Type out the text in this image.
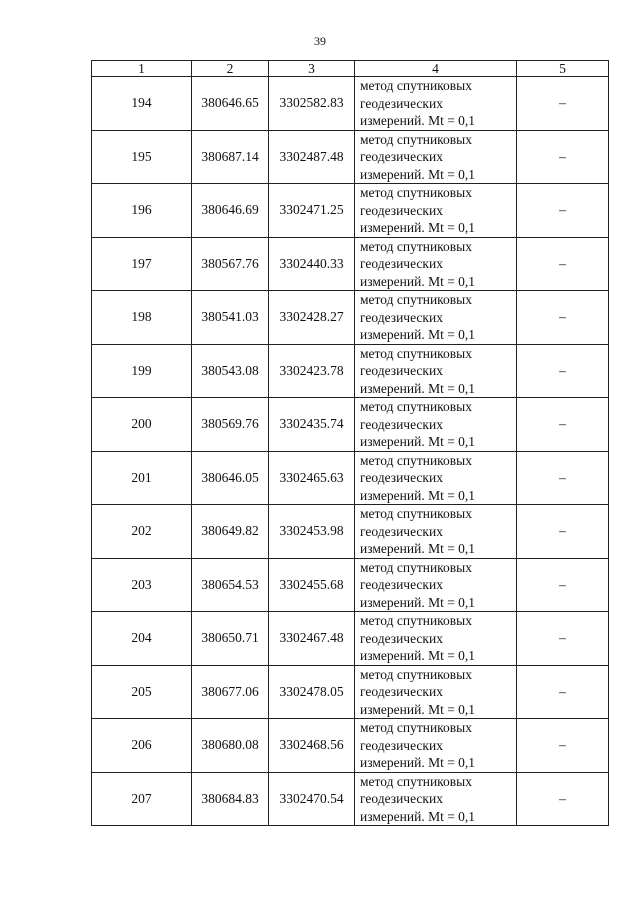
39
1	2	3	4	5
194	380646.65	3302582.83	метод спутниковых
геодезических
измерений. Mt = 0,1	–
195	380687.14	3302487.48	метод спутниковых
геодезических
измерений. Mt = 0,1	–
196	380646.69	3302471.25	метод спутниковых
геодезических
измерений. Mt = 0,1	–
197	380567.76	3302440.33	метод спутниковых
геодезических
измерений. Mt = 0,1	–
198	380541.03	3302428.27	метод спутниковых
геодезических
измерений. Mt = 0,1	–
199	380543.08	3302423.78	метод спутниковых
геодезических
измерений. Mt = 0,1	–
200	380569.76	3302435.74	метод спутниковых
геодезических
измерений. Mt = 0,1	–
201	380646.05	3302465.63	метод спутниковых
геодезических
измерений. Mt = 0,1	–
202	380649.82	3302453.98	метод спутниковых
геодезических
измерений. Mt = 0,1	–
203	380654.53	3302455.68	метод спутниковых
геодезических
измерений. Mt = 0,1	–
204	380650.71	3302467.48	метод спутниковых
геодезических
измерений. Mt = 0,1	–
205	380677.06	3302478.05	метод спутниковых
геодезических
измерений. Mt = 0,1	–
206	380680.08	3302468.56	метод спутниковых
геодезических
измерений. Mt = 0,1	–
207	380684.83	3302470.54	метод спутниковых
геодезических
измерений. Mt = 0,1	–
